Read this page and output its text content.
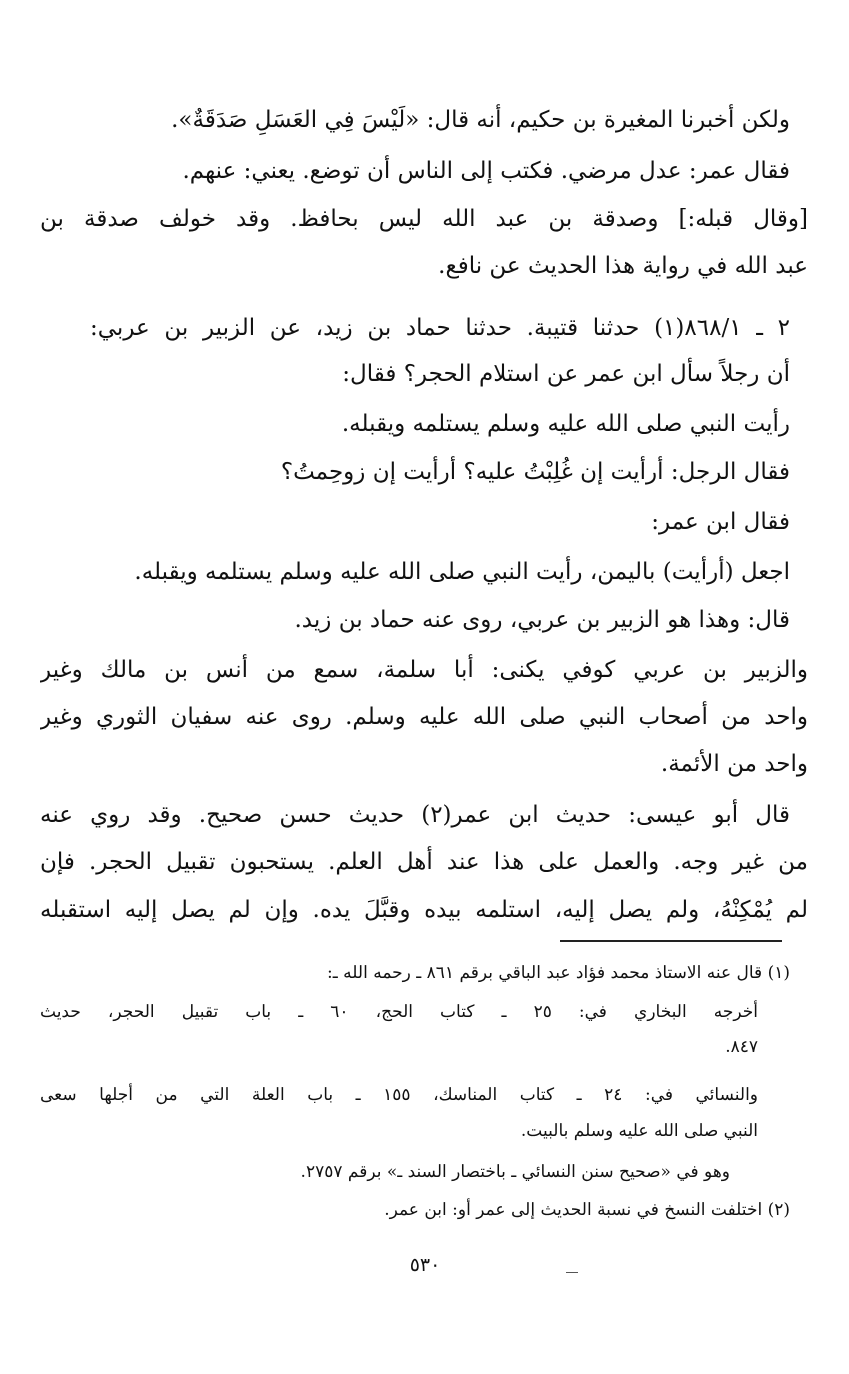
ولكن أخبرنا المغيرة بن حكيم، أنه قال: «لَيْسَ فِي العَسَلِ صَدَقَةٌ».

فقال عمر: عدل مرضي. فكتب إلى الناس أن توضع. يعني: عنهم.

[وقال قبله:] وصدقة بن عبد الله ليس بحافظ. وقد خولف صدقة بن

عبد الله في رواية هذا الحديث عن نافع.

٢ ـ ٨٦٨/١(١) حدثنا قتيبة. حدثنا حماد بن زيد، عن الزبير بن عربي:

أن رجلاً سأل ابن عمر عن استلام الحجر؟ فقال:

رأيت النبي صلى الله عليه وسلم يستلمه ويقبله.

فقال الرجل: أرأيت إن غُلِبْتُ عليه؟ أرأيت إن زوحِمتُ؟

فقال ابن عمر:

اجعل (أرأيت) باليمن، رأيت النبي صلى الله عليه وسلم يستلمه ويقبله.

قال: وهذا هو الزبير بن عربي، روى عنه حماد بن زيد.

والزبير بن عربي كوفي يكنى: أبا سلمة، سمع من أنس بن مالك وغير

واحد من أصحاب النبي صلى الله عليه وسلم. روى عنه سفيان الثوري وغير

واحد من الأئمة.

قال أبو عيسى: حديث ابن عمر(٢) حديث حسن صحيح. وقد روي عنه

من غير وجه. والعمل على هذا عند أهل العلم. يستحبون تقبيل الحجر. فإن

لم يُمْكِنْهُ، ولم يصل إليه، استلمه بيده وقبَّلَ يده. وإن لم يصل إليه استقبله

(١) قال عنه الاستاذ محمد فؤاد عبد الباقي برقم ٨٦١ ـ رحمه الله ـ:

أخرجه البخاري في: ٢٥ ـ كتاب الحج، ٦٠ ـ باب تقبيل الحجر، حديث

٨٤٧.

والنسائي في: ٢٤ ـ كتاب المناسك، ١٥٥ ـ باب العلة التي من أجلها سعى

النبي صلى الله عليه وسلم بالبيت.

وهو في «صحيح سنن النسائي ـ باختصار السند ـ» برقم ٢٧٥٧.

(٢) اختلفت النسخ في نسبة الحديث إلى عمر أو: ابن عمر.

٥٣٠
